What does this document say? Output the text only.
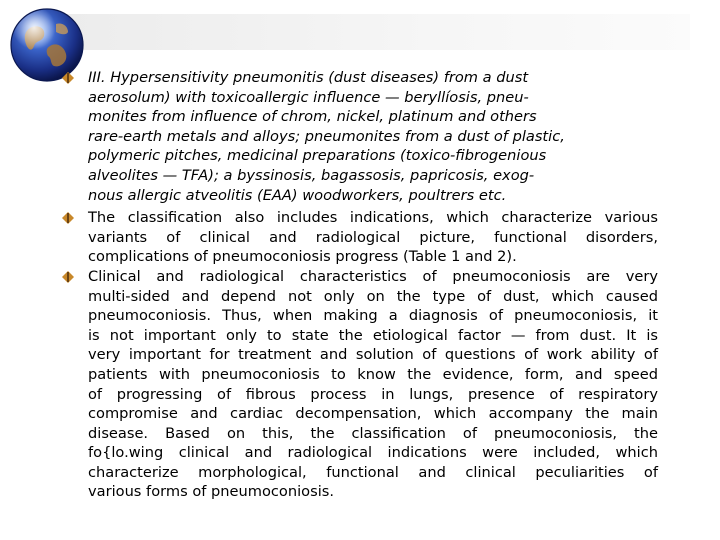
III. Hypersensitivity pneumonitis (dust diseases) from a dust
aerosolum) with toxicoallergic influence — beryllíosis, pneu-
monites from influence of chrom, nickel, platinum and others
rare-earth metals and alloys; pneumonites from a dust of plastic,
polymeric pitches, medicinal preparations (toxico-fibrogenious
alveolites — TFA); a byssinosis, bagassosis, papricosis, exog-
nous allergic atveolitis (EAA) woodworkers, poultrers etc.
The classification also includes indications, which characterize various
variants of clinical and radiological picture, functional disorders,
complications of pneumoconiosis progress (Table 1 and 2).
Clinical and radiological characteristics of pneumoconiosis are very
multi-sided and depend not only on the type of dust, which caused
pneumoconiosis. Thus, when making a diagnosis of pneumoconiosis, it
is not important only to state the etiological factor — from dust. It is
very important for treatment and solution of questions of work ability of
patients with pneumoconiosis to know the evidence, form, and speed
of progressing of fibrous process in lungs, presence of respiratory
compromise and cardiac decompensation, which accompany the main
disease. Based on this, the classification of pneumoconiosis, the
fo{lo.wing clinical and radiological indications were included, which
characterize morphological, functional and clinical peculiarities of
various forms of pneumoconiosis.
